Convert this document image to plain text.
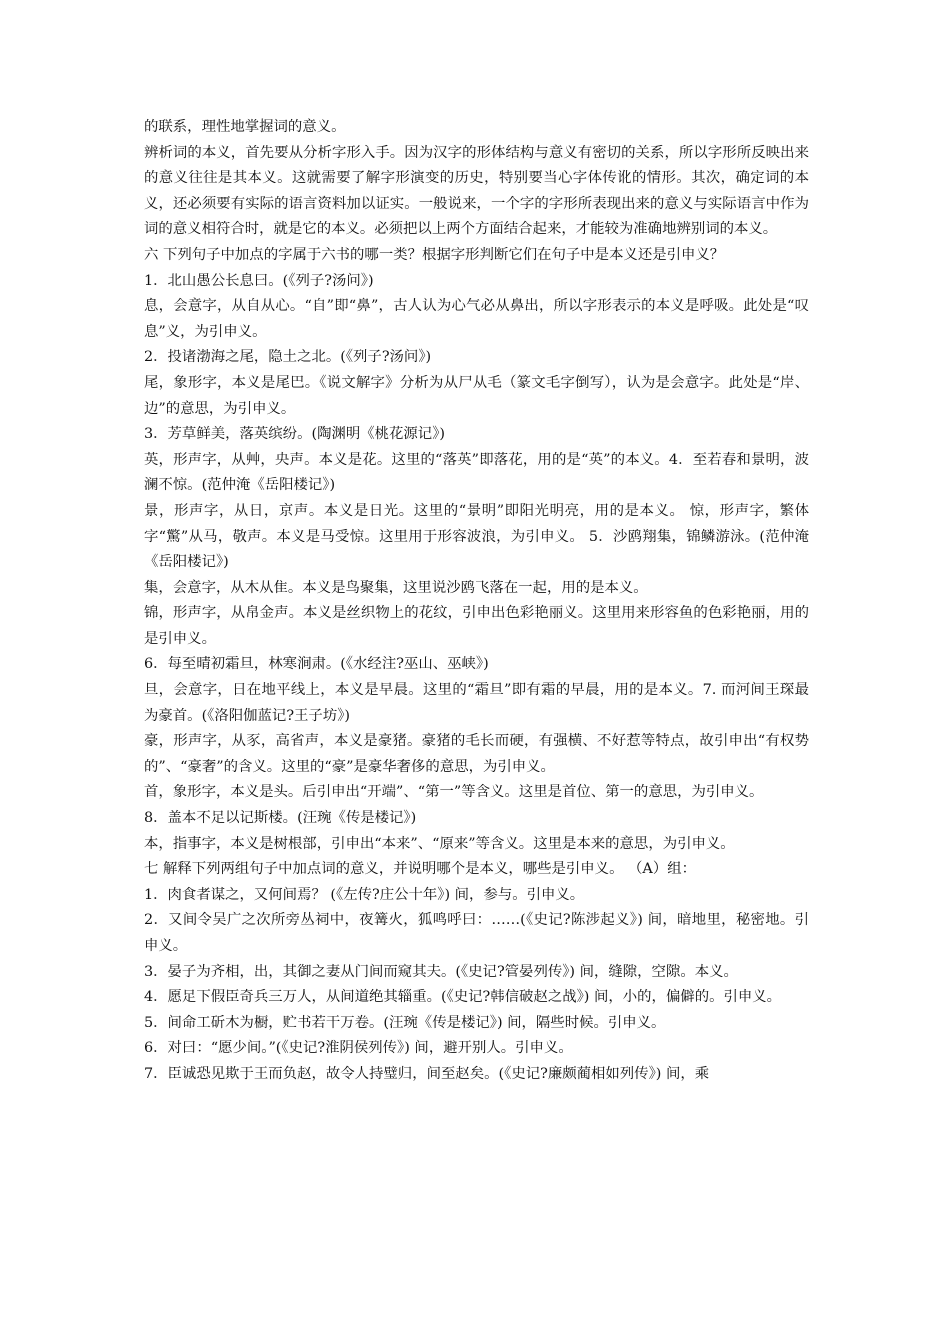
的联系，理性地掌握词的意义。

辨析词的本义，首先要从分析字形入手。因为汉字的形体结构与意义有密切的关系，所以字形所反映出来的意义往往是其本义。这就需要了解字形演变的历史，特别要当心字体传讹的情形。其次，确定词的本义，还必须要有实际的语言资料加以证实。一般说来，一个字的字形所表现出来的意义与实际语言中作为词的意义相符合时，就是它的本义。必须把以上两个方面结合起来，才能较为准确地辨别词的本义。

六 下列句子中加点的字属于六书的哪一类？根据字形判断它们在句子中是本义还是引申义？

1．北山愚公长息曰。(《列子?汤问》)

息，会意字，从自从心。“自”即“鼻”，古人认为心气必从鼻出，所以字形表示的本义是呼吸。此处是“叹息”义，为引申义。

2．投诸渤海之尾，隐土之北。(《列子?汤问》)

尾，象形字，本义是尾巴。《说文解字》分析为从尸从毛（篆文毛字倒写），认为是会意字。此处是“岸、边”的意思，为引申义。

3．芳草鲜美，落英缤纷。(陶渊明《桃花源记》)

英，形声字，从艸，央声。本义是花。这里的“落英”即落花，用的是“英”的本义。4．至若春和景明，波澜不惊。(范仲淹《岳阳楼记》)

景，形声字，从日，京声。本义是日光。这里的“景明”即阳光明亮，用的是本义。 惊，形声字，繁体字“驚”从马，敬声。本义是马受惊。这里用于形容波浪，为引申义。 5．沙鸥翔集，锦鳞游泳。(范仲淹《岳阳楼记》)

集，会意字，从木从隹。本义是鸟聚集，这里说沙鸥飞落在一起，用的是本义。

锦，形声字，从帛金声。本义是丝织物上的花纹，引申出色彩艳丽义。这里用来形容鱼的色彩艳丽，用的是引申义。

6．每至晴初霜旦，林寒涧肃。(《水经注?巫山、巫峡》)

旦，会意字，日在地平线上，本义是早晨。这里的“霜旦”即有霜的早晨，用的是本义。7. 而河间王琛最为豪首。(《洛阳伽蓝记?王子坊》)

豪，形声字，从豕，高省声，本义是豪猪。豪猪的毛长而硬，有强横、不好惹等特点，故引申出“有权势的”、“豪奢”的含义。这里的“豪”是豪华奢侈的意思，为引申义。

首，象形字，本义是头。后引申出“开端”、“第一”等含义。这里是首位、第一的意思，为引申义。

8．盖本不足以记斯楼。(汪琬《传是楼记》)

本，指事字，本义是树根部，引申出“本来”、“原来”等含义。这里是本来的意思，为引申义。

七 解释下列两组句子中加点词的意义，并说明哪个是本义，哪些是引申义。 （A）组：

1．肉食者谋之，又何间焉？ (《左传?庄公十年》) 间，参与。引申义。

2．又间令吴广之次所旁丛祠中，夜篝火，狐鸣呼曰：……(《史记?陈涉起义》) 间，暗地里，秘密地。引申义。

3．晏子为齐相，出，其御之妻从门间而窥其夫。(《史记?管晏列传》) 间，缝隙，空隙。本义。

4．愿足下假臣奇兵三万人，从间道绝其辎重。(《史记?韩信破赵之战》) 间，小的，偏僻的。引申义。

5．间命工斫木为橱，贮书若干万卷。(汪琬《传是楼记》) 间，隔些时候。引申义。

6．对曰：“愿少间。”(《史记?淮阴侯列传》) 间，避开别人。引申义。

7．臣诚恐见欺于王而负赵，故令人持璧归，间至赵矣。(《史记?廉颇蔺相如列传》) 间，乘
